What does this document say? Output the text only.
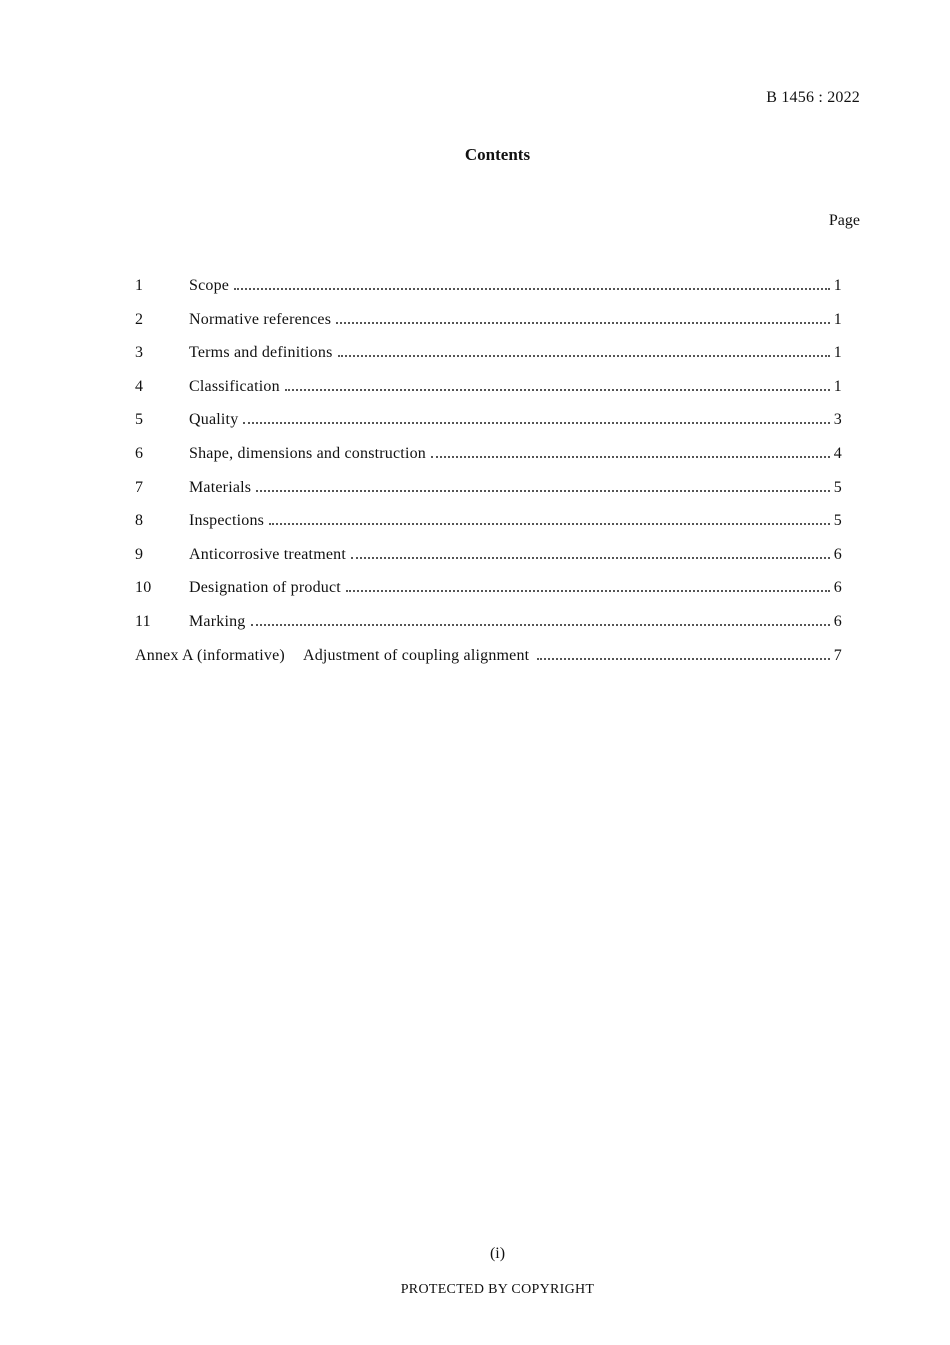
B 1456 : 2022
Contents
Page
1	Scope	1
2	Normative references	1
3	Terms and definitions	1
4	Classification	1
5	Quality	3
6	Shape, dimensions and construction	4
7	Materials	5
8	Inspections	5
9	Anticorrosive treatment	6
10	Designation of product	6
11	Marking	6
Annex A (informative)	Adjustment of coupling alignment	7
(i)
PROTECTED BY COPYRIGHT
